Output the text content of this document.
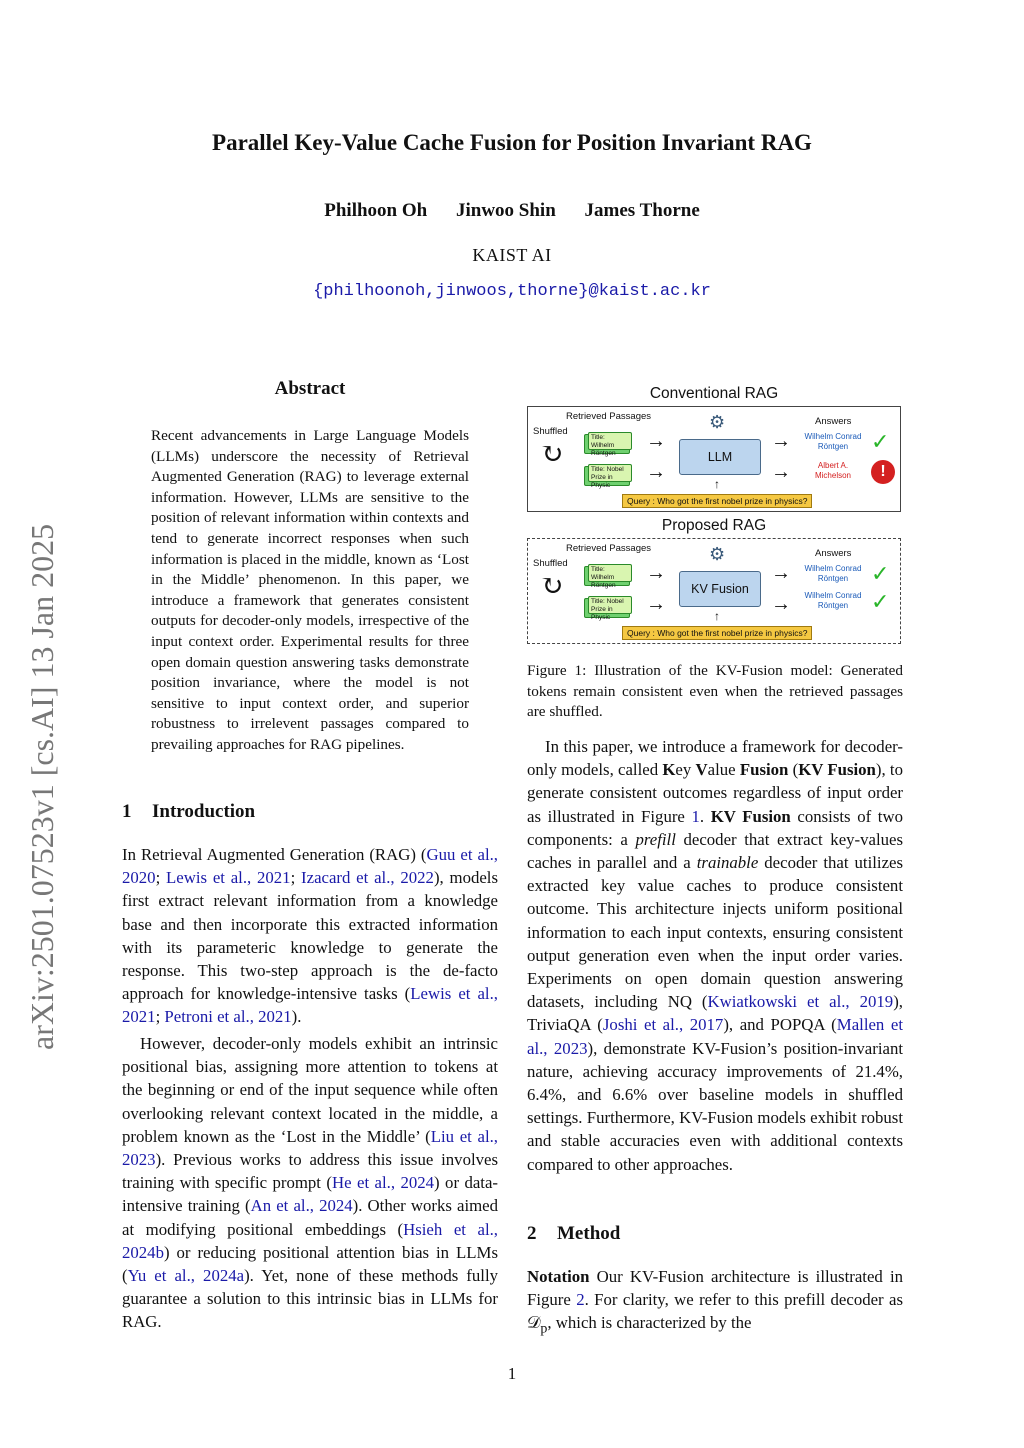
Parallel Key-Value Cache Fusion for Position Invariant RAG
Philhoon Oh Jinwoo Shin James Thorne
KAIST AI
{philhoonoh,jinwoos,thorne}@kaist.ac.kr
arXiv:2501.07523v1 [cs.AI] 13 Jan 2025
Abstract
Recent advancements in Large Language Models (LLMs) underscore the necessity of Retrieval Augmented Generation (RAG) to leverage external information. However, LLMs are sensitive to the position of relevant information within contexts and tend to generate incorrect responses when such information is placed in the middle, known as ‘Lost in the Middle’ phenomenon. In this paper, we introduce a framework that generates consistent outputs for decoder-only models, irrespective of the input context order. Experimental results for three open domain question answering tasks demonstrate position invariance, where the model is not sensitive to input context order, and superior robustness to irrelevent passages compared to prevailing approaches for RAG pipelines.
1 Introduction
In Retrieval Augmented Generation (RAG) (Guu et al., 2020; Lewis et al., 2021; Izacard et al., 2022), models first extract relevant information from a knowledge base and then incorporate this extracted information with its parameteric knowledge to generate the response. This two-step approach is the de-facto approach for knowledge-intensive tasks (Lewis et al., 2021; Petroni et al., 2021).
However, decoder-only models exhibit an intrinsic positional bias, assigning more attention to tokens at the beginning or end of the input sequence while often overlooking relevant context located in the middle, a problem known as the ‘Lost in the Middle’ (Liu et al., 2023). Previous works to address this issue involves training with specific prompt (He et al., 2024) or data-intensive training (An et al., 2024). Other works aimed at modifying positional embeddings (Hsieh et al., 2024b) or reducing positional attention bias in LLMs (Yu et al., 2024a). Yet, none of these methods fully guarantee a solution to this intrinsic bias in LLMs for RAG.
Conventional RAG
Retrieved Passages
Shuffled
↻
Title: Wilhelm Röntgen
Title: Nobel Prize in Physic
→
→
⚙
LLM
→
→
↑
Answers
Wilhelm Conrad Röntgen
Albert A. Michelson
✓
!
Query : Who got the first nobel prize in physics?
Proposed RAG
Retrieved Passages
Shuffled
↻
Title: Wilhelm Röntgen
Title: Nobel Prize in Physic
→
→
⚙
KV Fusion
→
→
↑
Answers
Wilhelm Conrad Röntgen
Wilhelm Conrad Röntgen
✓
✓
Query : Who got the first nobel prize in physics?
Figure 1: Illustration of the KV-Fusion model: Generated tokens remain consistent even when the retrieved passages are shuffled.
In this paper, we introduce a framework for decoder-only models, called Key Value Fusion (KV Fusion), to generate consistent outcomes regardless of input order as illustrated in Figure 1. KV Fusion consists of two components: a prefill decoder that extract key-values caches in parallel and a trainable decoder that utilizes extracted key value caches to produce consistent outcome. This architecture injects uniform positional information to each input contexts, ensuring consistent output generation even when the input order varies. Experiments on open domain question answering datasets, including NQ (Kwiatkowski et al., 2019), TriviaQA (Joshi et al., 2017), and POPQA (Mallen et al., 2023), demonstrate KV-Fusion’s position-invariant nature, achieving accuracy improvements of 21.4%, 6.4%, and 6.6% over baseline models in shuffled settings. Furthermore, KV-Fusion models exhibit robust and stable accuracies even with additional contexts compared to other approaches.
2 Method
Notation Our KV-Fusion architecture is illustrated in Figure 2. For clarity, we refer to this prefill decoder as 𝒟$_p$, which is characterized by the
1
